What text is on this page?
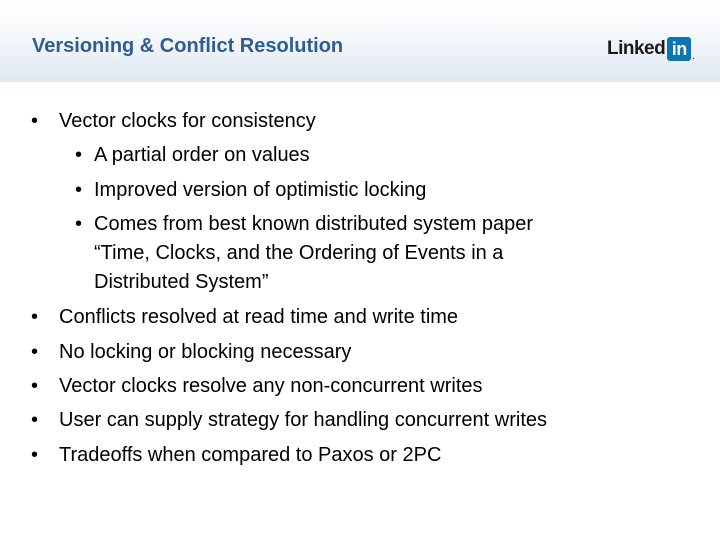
Versioning & Conflict Resolution	Linked in .
• Vector clocks for consistency
• A partial order on values
• Improved version of optimistic locking
• Comes from best known distributed system paper
“Time, Clocks, and the Ordering of Events in a
Distributed System”
• Conflicts resolved at read time and write time
• No locking or blocking necessary
• Vector clocks resolve any non-concurrent writes
• User can supply strategy for handling concurrent writes
• Tradeoffs when compared to Paxos or 2PC
